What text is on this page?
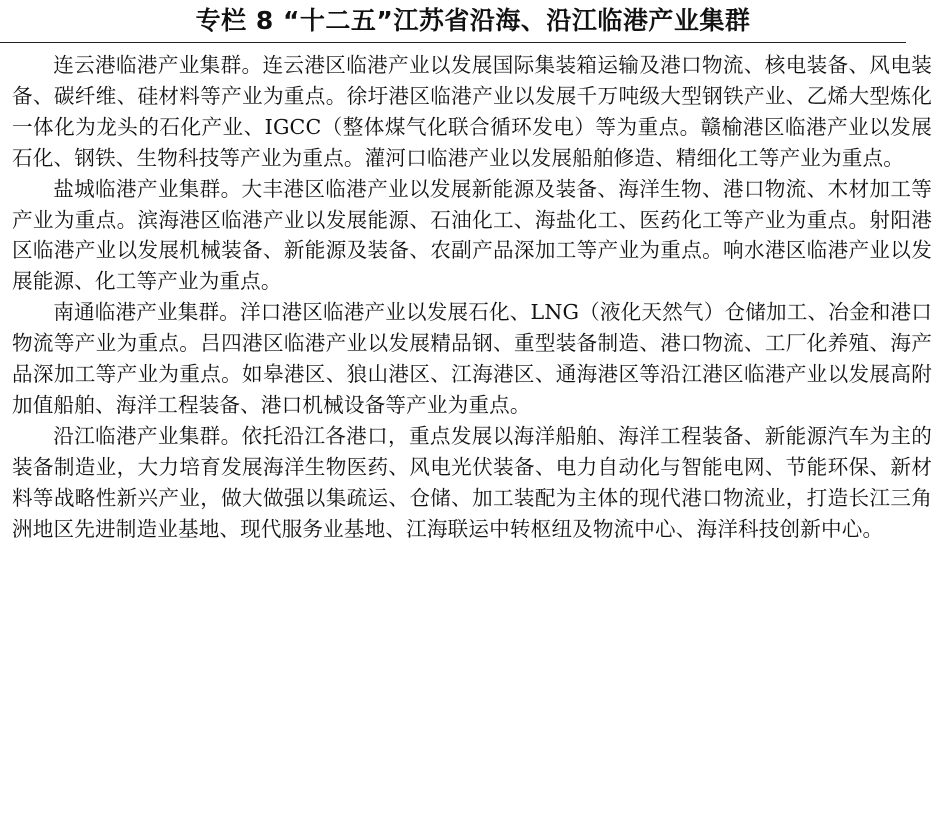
专栏 8 “十二五”江苏省沿海、沿江临港产业集群

连云港临港产业集群。连云港区临港产业以发展国际集装箱运输及港口物流、核电装备、风电装备、碳纤维、硅材料等产业为重点。徐圩港区临港产业以发展千万吨级大型钢铁产业、乙烯大型炼化一体化为龙头的石化产业、IGCC（整体煤气化联合循环发电）等为重点。赣榆港区临港产业以发展石化、钢铁、生物科技等产业为重点。灌河口临港产业以发展船舶修造、精细化工等产业为重点。

盐城临港产业集群。大丰港区临港产业以发展新能源及装备、海洋生物、港口物流、木材加工等产业为重点。滨海港区临港产业以发展能源、石油化工、海盐化工、医药化工等产业为重点。射阳港区临港产业以发展机械装备、新能源及装备、农副产品深加工等产业为重点。响水港区临港产业以发展能源、化工等产业为重点。

南通临港产业集群。洋口港区临港产业以发展石化、LNG（液化天然气）仓储加工、冶金和港口物流等产业为重点。吕四港区临港产业以发展精品钢、重型装备制造、港口物流、工厂化养殖、海产品深加工等产业为重点。如皋港区、狼山港区、江海港区、通海港区等沿江港区临港产业以发展高附加值船舶、海洋工程装备、港口机械设备等产业为重点。

沿江临港产业集群。依托沿江各港口，重点发展以海洋船舶、海洋工程装备、新能源汽车为主的装备制造业，大力培育发展海洋生物医药、风电光伏装备、电力自动化与智能电网、节能环保、新材料等战略性新兴产业，做大做强以集疏运、仓储、加工装配为主体的现代港口物流业，打造长江三角洲地区先进制造业基地、现代服务业基地、江海联运中转枢纽及物流中心、海洋科技创新中心。
